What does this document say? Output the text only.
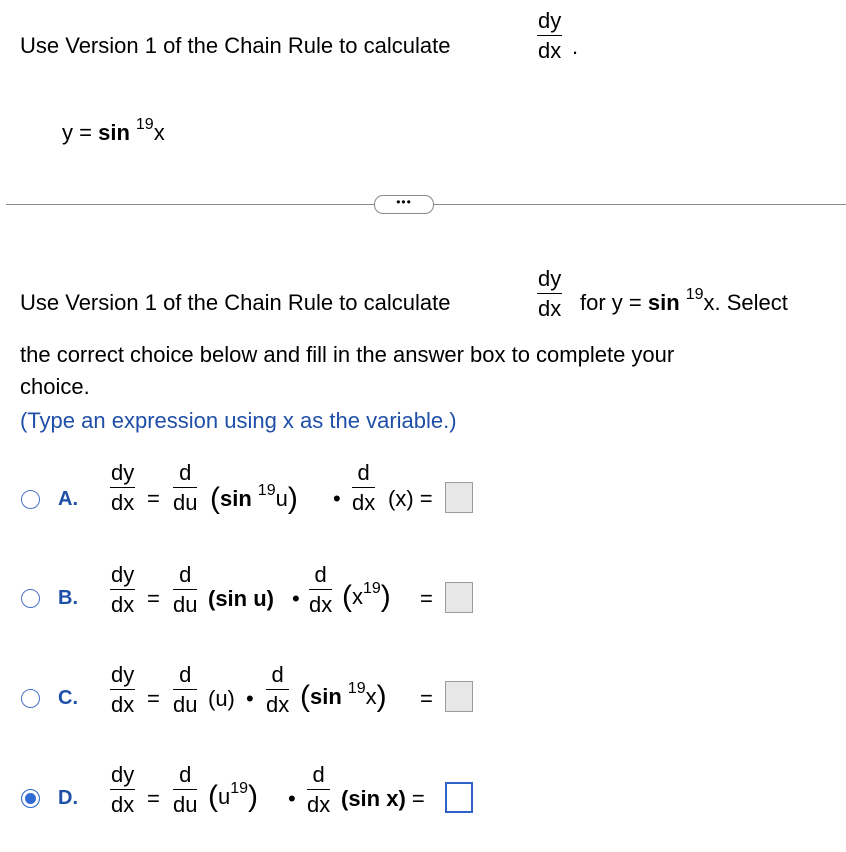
Use Version 1 of the Chain Rule to calculate
dy
dx .
y = sin $^{19}$x
•••
Use Version 1 of the Chain Rule to calculate
dy
dx for y = sin $^{19}$x. Select
the correct choice below and fill in the answer box to complete your
choice.
(Type an expression using x as the variable.)
A.
dy
dx =
d
du (sin $^{19}$u) •
d
dx (x) =
B.
dy
dx =
d
du (sin u) •
d
dx $(x^{19})$ =
C.
dy
dx =
d
du (u) •
d
dx (sin $^{19}$x) =
D.
dy
dx =
d
du $(u^{19})$ •
d
dx (sin x) =
